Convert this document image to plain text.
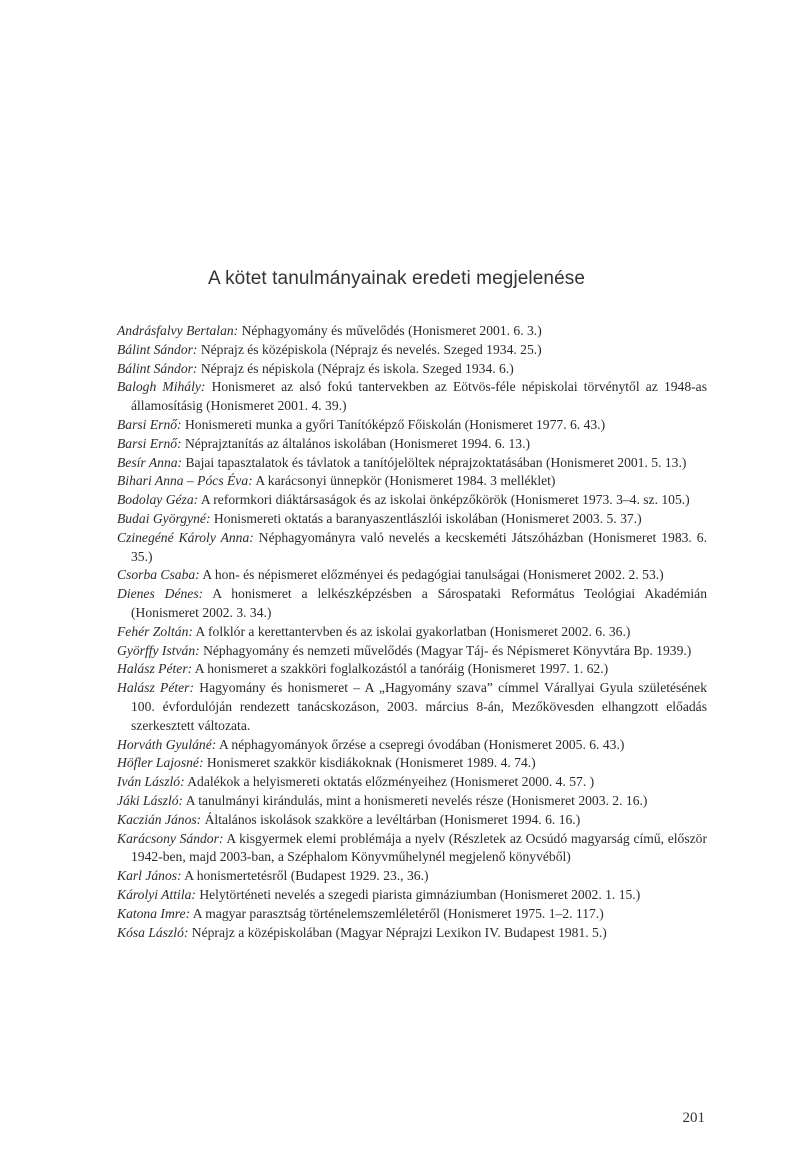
A kötet tanulmányainak eredeti megjelenése

Andrásfalvy Bertalan: Néphagyomány és művelődés (Honismeret 2001. 6. 3.)

Bálint Sándor: Néprajz és középiskola (Néprajz és nevelés. Szeged 1934. 25.)

Bálint Sándor: Néprajz és népiskola (Néprajz és iskola. Szeged 1934. 6.)

Balogh Mihály: Honismeret az alsó fokú tantervekben az Eötvös-féle népiskolai törvénytől az 1948-as államosításig (Honismeret 2001. 4. 39.)

Barsi Ernő: Honismereti munka a győri Tanítóképző Főiskolán (Honismeret 1977. 6. 43.)

Barsi Ernő: Néprajztanítás az általános iskolában (Honismeret 1994. 6. 13.)

Besír Anna: Bajai tapasztalatok és távlatok a tanítójelöltek néprajzoktatásában (Honismeret 2001. 5. 13.)

Bihari Anna – Pócs Éva: A karácsonyi ünnepkör (Honismeret 1984. 3 melléklet)

Bodolay Géza: A reformkori diáktársaságok és az iskolai önképzőkörök (Honismeret 1973. 3–4. sz. 105.)

Budai Györgyné: Honismereti oktatás a baranyaszentlászlói iskolában (Honismeret 2003. 5. 37.)

Czinegéné Károly Anna: Néphagyományra való nevelés a kecskeméti Játszóházban (Honismeret 1983. 6. 35.)

Csorba Csaba: A hon- és népismeret előzményei és pedagógiai tanulságai (Honismeret 2002. 2. 53.)

Dienes Dénes: A honismeret a lelkészképzésben a Sárospataki Református Teológiai Akadémián (Honismeret 2002. 3. 34.)

Fehér Zoltán: A folklór a kerettantervben és az iskolai gyakorlatban (Honismeret 2002. 6. 36.)

Györffy István: Néphagyomány és nemzeti művelődés (Magyar Táj- és Népismeret Könyvtára Bp. 1939.)

Halász Péter: A honismeret a szakköri foglalkozástól a tanóráig (Honismeret 1997. 1. 62.)

Halász Péter: Hagyomány és honismeret – A „Hagyomány szava” címmel Várallyai Gyula születésének 100. évfordulóján rendezett tanácskozáson, 2003. március 8-án, Mezőkövesden elhangzott előadás szerkesztett változata.

Horváth Gyuláné: A néphagyományok őrzése a csepregi óvodában (Honismeret 2005. 6. 43.)

Höfler Lajosné: Honismeret szakkör kisdiákoknak (Honismeret 1989. 4. 74.)

Iván László: Adalékok a helyismereti oktatás előzményeihez (Honismeret 2000. 4. 57. )

Jáki László: A tanulmányi kirándulás, mint a honismereti nevelés része (Honismeret 2003. 2. 16.)

Kaczián János: Általános iskolások szakköre a levéltárban (Honismeret 1994. 6. 16.)

Karácsony Sándor: A kisgyermek elemi problémája a nyelv (Részletek az Ocsúdó magyarság című, először 1942-ben, majd 2003-ban, a Széphalom Könyvműhelynél megjelenő könyvéből)

Karl János: A honismertetésről (Budapest 1929. 23., 36.)

Károlyi Attila: Helytörténeti nevelés a szegedi piarista gimnáziumban (Honismeret 2002. 1. 15.)

Katona Imre: A magyar parasztság történelemszemléletéről (Honismeret 1975. 1–2. 117.)

Kósa László: Néprajz a középiskolában (Magyar Néprajzi Lexikon IV. Budapest 1981. 5.)

201
